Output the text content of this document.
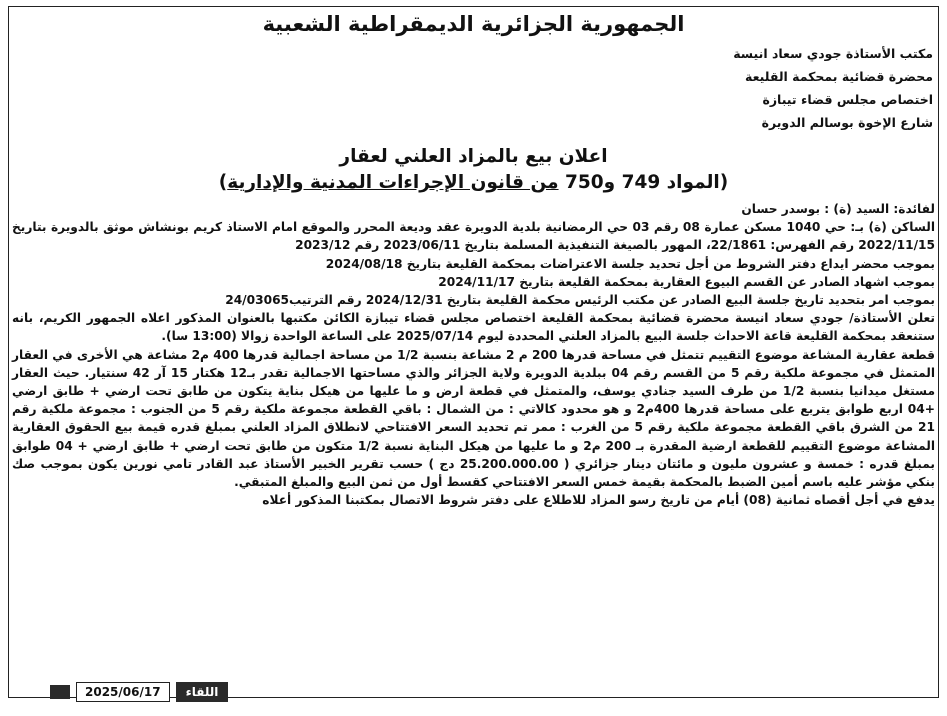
الجمهورية الجزائرية الديمقراطية الشعبية
مكتب الأستاذة جودي سعاد انيسة
محضرة قضائية بمحكمة القليعة
اختصاص مجلس قضاء تيبازة
شارع الإخوة بوسالم الدويرة
اعلان بيع بالمزاد العلني لعقار
(المواد 749 و750 من قانون الإجراءات المدنية والإدارية)

لفائدة: السيد (ة) : بوسدر حسان

الساكن (ة) بـ: حي 1040 مسكن عمارة 08 رقم 03 حي الرمضانية بلدية الدويرة عقد وديعة المحرر والموقع امام الاستاذ كريم بونشاش موثق بالدويرة بتاريخ 2022/11/15 رقم الفهرس: 22/1861، المهور بالصيغة التنفيذية المسلمة بتاريخ 2023/06/11 رقم 2023/12

بموجب محضر ايداع دفتر الشروط من أجل تحديد جلسة الاعتراضات بمحكمة القليعة بتاريخ 2024/08/18

بموجب اشهاد الصادر عن القسم البيوع العقارية بمحكمة القليعة بتاريخ 2024/11/17

بموجب امر بتحديد تاريخ جلسة البيع الصادر عن مكتب الرئيس محكمة القليعة بتاريخ 2024/12/31 رقم الترتيب24/03065

تعلن الأستاذة/ جودي سعاد انيسة محضرة قضائية بمحكمة القليعة اختصاص مجلس قضاء تيبازة الكائن مكتبها بالعنوان المذكور اعلاه الجمهور الكريم، بانه ستنعقد بمحكمة القليعة قاعة الاحداث جلسة البيع بالمزاد العلني المحددة ليوم 2025/07/14 على الساعة الواحدة زوالا (13:00 سا).

قطعة عقارية المشاعة موضوع التقييم تتمثل في مساحة قدرها 200 م 2 مشاعة بنسبة 1/2 من مساحة اجمالية قدرها 400 م2 مشاعة هي الأخرى في العقار المتمثل في مجموعة ملكية رقم 5 من القسم رقم 04 ببلدية الدويرة ولاية الجزائر والذي مساحتها الاجمالية تقدر بـ12 هكتار 15 آر 42 سنتيار. حيث العقار مستغل ميدانيا بنسبة 1/2 من طرف السيد جنادي يوسف، والمتمثل في قطعة ارض و ما عليها من هيكل بناية يتكون من طابق تحت ارضي + طابق ارضي +04 اربع طوابق يتربع على مساحة قدرها 400م2 و هو محدود كالاتي : من الشمال : باقي القطعة مجموعة ملكية رقم 5 من الجنوب : مجموعة ملكية رقم 21 من الشرق باقي القطعة مجموعة ملكية رقم 5 من الغرب : ممر تم تحديد السعر الافتتاحي لانطلاق المزاد العلني بمبلغ قدره قيمة بيع الحقوق العقارية المشاعة موضوع التقييم للقطعة ارضية المقدرة بـ 200 م2 و ما عليها من هيكل البناية نسبة 1/2 متكون من طابق تحت ارضي + طابق ارضي + 04 طوابق بمبلغ قدره : خمسة و عشرون مليون و مائتان دينار جزائري ( 25.200.000.00 دج ) حسب تقرير الخبير الأستاذ عبد القادر تامي نورين يكون بموجب صك بنكي مؤشر عليه باسم أمين الضبط بالمحكمة بقيمة خمس السعر الافتتاحي كقسط أول من ثمن البيع والمبلغ المتبقي.

يدفع في أجل أقصاه ثمانية (08) أيام من تاريخ رسو المزاد للاطلاع على دفتر شروط الاتصال بمكتبنا المذكور أعلاه

2025/06/17	اللقاء
